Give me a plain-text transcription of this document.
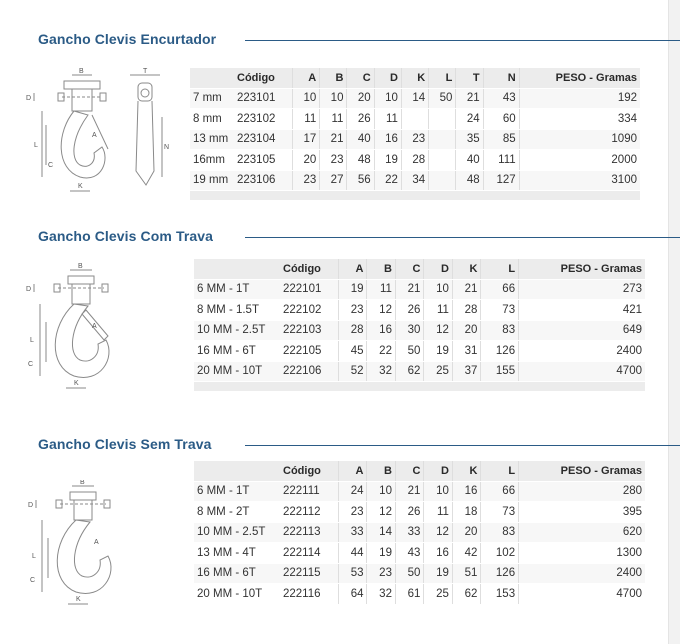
Gancho Clevis Encurtador
B	T
D
A
L
C
N
K
	Código	A	B	C	D	K	L	T	N	PESO - Gramas
7 mm	223101	10	10	20	10	14	50	21	43	192
8 mm	223102	11	11	26	11			24	60	334
13 mm	223104	17	21	40	16	23		35	85	1090
16mm	223105	20	23	48	19	28		40	111	2000
19 mm	223106	23	27	56	22	34		48	127	3100

Gancho Clevis Com Trava
B
D
A
L
C
K
	Código	A	B	C	D	K	L	PESO - Gramas
6 MM - 1T	222101	19	11	21	10	21	66	273
8 MM - 1.5T	222102	23	12	26	11	28	73	421
10 MM - 2.5T	222103	28	16	30	12	20	83	649
16 MM - 6T	222105	45	22	50	19	31	126	2400
20 MM - 10T	222106	52	32	62	25	37	155	4700

Gancho Clevis Sem Trava
B
D
A
L
C
K
	Código	A	B	C	D	K	L	PESO - Gramas
6 MM - 1T	222111	24	10	21	10	16	66	280
8 MM - 2T	222112	23	12	26	11	18	73	395
10 MM - 2.5T	222113	33	14	33	12	20	83	620
13 MM - 4T	222114	44	19	43	16	42	102	1300
16 MM - 6T	222115	53	23	50	19	51	126	2400
20 MM - 10T	222116	64	32	61	25	62	153	4700
